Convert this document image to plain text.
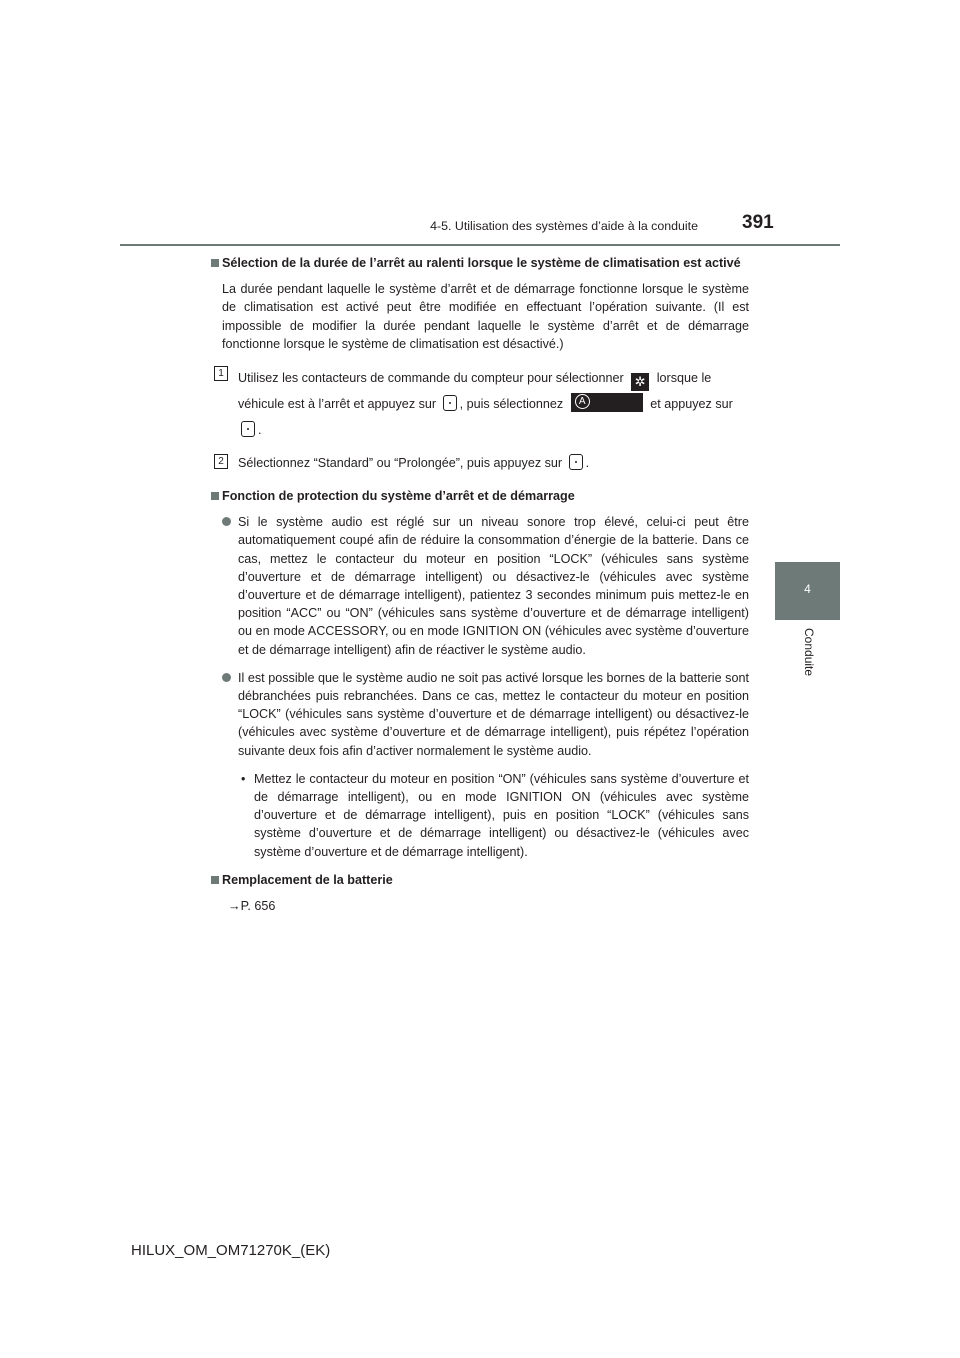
4-5. Utilisation des systèmes d’aide à la conduite 391
4
Conduite
Sélection de la durée de l’arrêt au ralenti lorsque le système de climatisation est activé
La durée pendant laquelle le système d’arrêt et de démarrage fonctionne lorsque le système de climatisation est activé peut être modifiée en effectuant l’opération suivante. (Il est impossible de modifier la durée pendant laquelle le système d’arrêt et de démarrage fonctionne lorsque le système de climatisation est désactivé.)
1	Utilisez les contacteurs de commande du compteur pour sélectionner ✲ lorsque le véhicule est à l’arrêt et appuyez sur , puis sélectionnez	A	et appuyez sur .
2	Sélectionnez “Standard” ou “Prolongée”, puis appuyez sur .
Fonction de protection du système d’arrêt et de démarrage
Si le système audio est réglé sur un niveau sonore trop élevé, celui-ci peut être automatiquement coupé afin de réduire la consommation d’énergie de la batterie. Dans ce cas, mettez le contacteur du moteur en position “LOCK” (véhicules sans système d’ouverture et de démarrage intelligent) ou désactivez-le (véhicules avec système d’ouverture et de démarrage intelligent), patientez 3 secondes minimum puis mettez-le en position “ACC” ou “ON” (véhicules sans système d’ouverture et de démarrage intelligent) ou en mode ACCESSORY, ou en mode IGNITION ON (véhicules avec système d’ouverture et de démarrage intelligent) afin de réactiver le système audio.
Il est possible que le système audio ne soit pas activé lorsque les bornes de la batterie sont débranchées puis rebranchées. Dans ce cas, mettez le contacteur du moteur en position “LOCK” (véhicules sans système d’ouverture et de démarrage intelligent) ou désactivez-le (véhicules avec système d’ouverture et de démarrage intelligent), puis répétez l’opération suivante deux fois afin d’activer normalement le système audio.
• Mettez le contacteur du moteur en position “ON” (véhicules sans système d’ouverture et de démarrage intelligent), ou en mode IGNITION ON (véhicules avec système d’ouverture et de démarrage intelligent), puis en position “LOCK” (véhicules sans système d’ouverture et de démarrage intelligent) ou désactivez-le (véhicules avec système d’ouverture et de démarrage intelligent).
Remplacement de la batterie
→P. 656
HILUX_OM_OM71270K_(EK)
